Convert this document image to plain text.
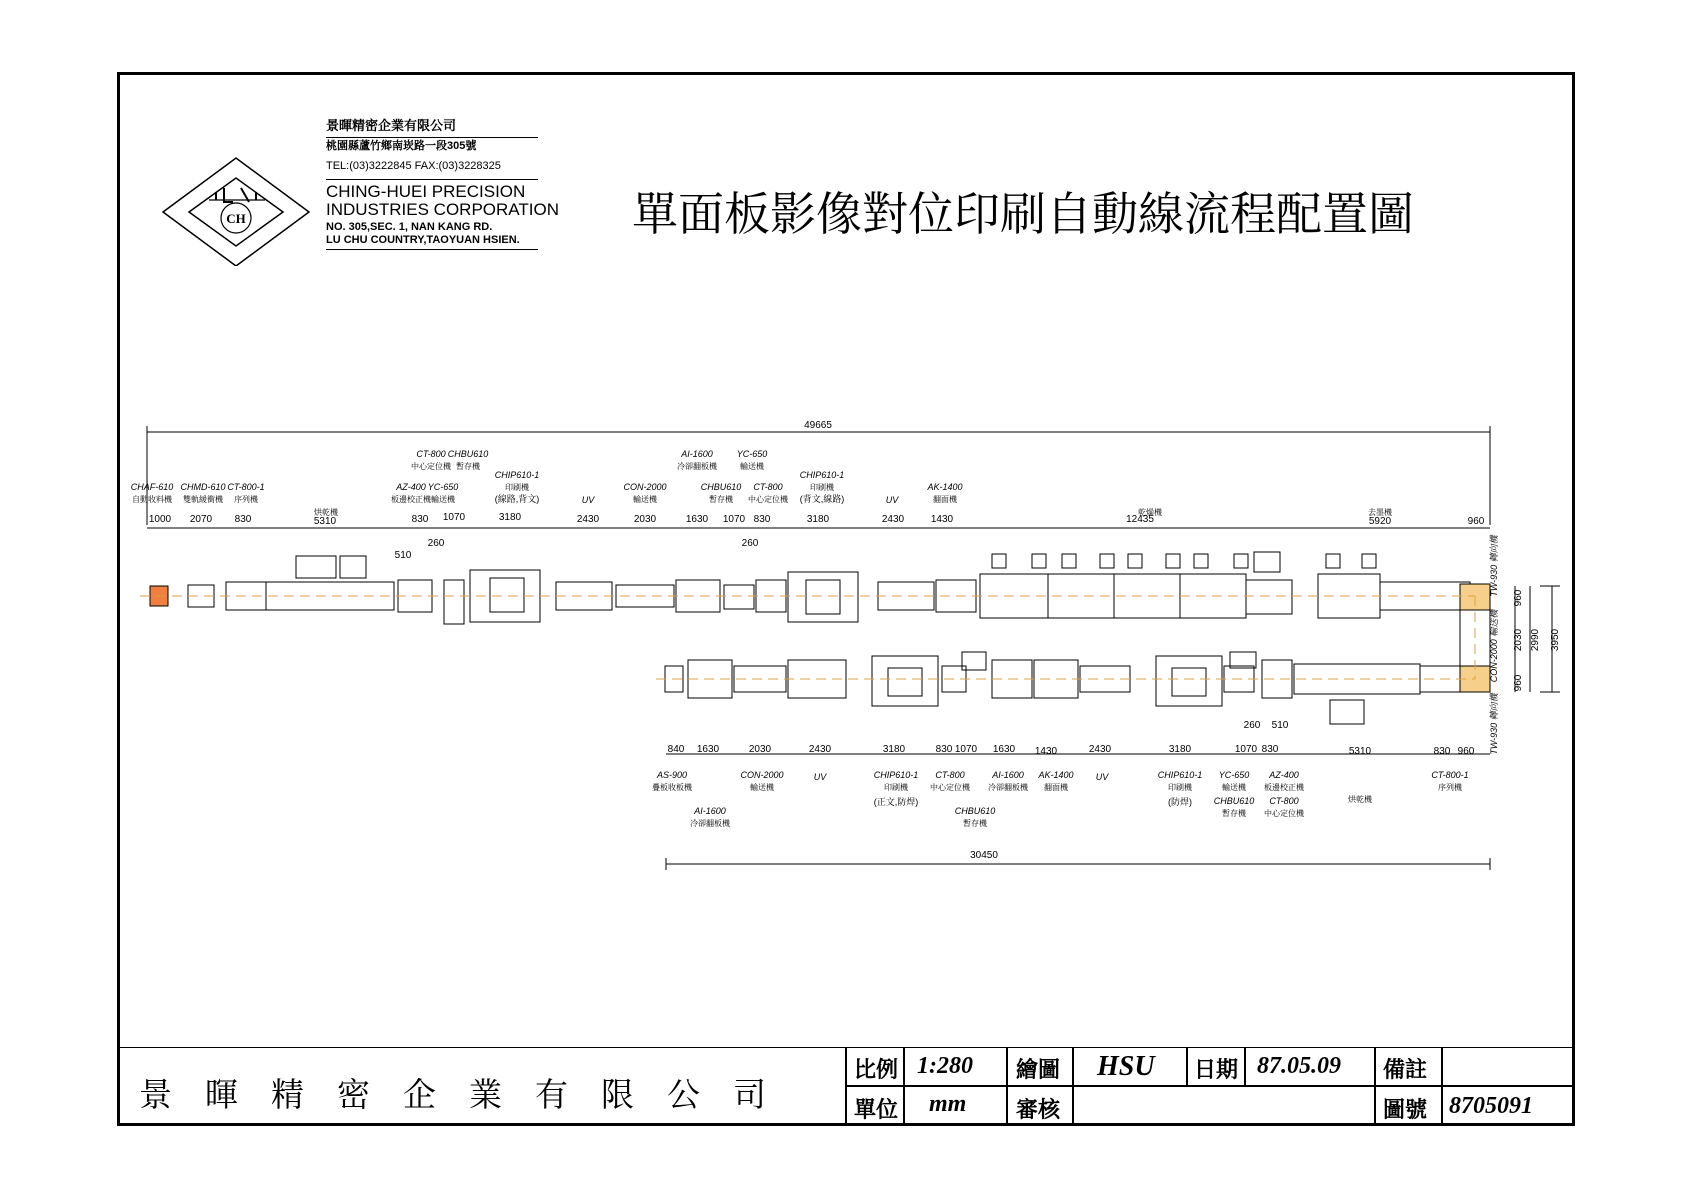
CH
景暉精密企業有限公司
桃園縣蘆竹鄉南崁路一段305號
TEL:(03)3222845 FAX:(03)3228325
CHING-HUEI PRECISION
INDUSTRIES CORPORATION
NO. 305,SEC. 1, NAN KANG RD.
LU CHU COUNTRY,TAOYUAN HSIEN.	單面板影像對位印刷自動線流程配置圖
49665
30450
1000 2070 830	5310
510
830
260
1070	3180	2430	2030	1630 1070 830
260
3180	2430	1430	12435	5920	960
CHAF-610
自動收料機
CHMD-610
雙軌緩衝機
CT-800-1
序列機
烘乾機
CT-800
中心定位機
CHBU610
暫存機
AZ-400
板邊校正機
YC-650
輸送機
CHIP610-1
印刷機
(線路,背文)	UV
CON-2000
輸送機
AI-1600
冷卻翻板機
YC-650
輸送機
CHBU610
暫存機
CT-800
中心定位機
CHIP610-1
印刷機
(背文,線路)	UV
AK-1400
翻面機
乾燥機	去墨機
840 1630	2030	2430	3180	830 1070 1630 1430	2430	3180	1070 830	5310	830 960
260 510
AS-900
疊板收板機
AI-1600
冷卻翻板機
CON-2000
輸送機
UV	CHIP610-1
印刷機
(正文,防焊)
CT-800
中心定位機
CHBU610
暫存機
AI-1600
冷卻翻板機
AK-1400
翻面機
UV	CHIP610-1
印刷機
(防焊)
YC-650
輸送機
AZ-400
板邊校正機
CHBU610
暫存機
CT-800
中心定位機
烘乾機
CT-800-1
序列機
TW-930 轉向機
CON-2000 輸送機
TW-930 轉向機
960
2030
960
2990 3950
景暉精密企業有限公司
比例 1:280 繪圖 HSU 日期 87.05.09 備註
單位 mm 審核	圖號 8705091
